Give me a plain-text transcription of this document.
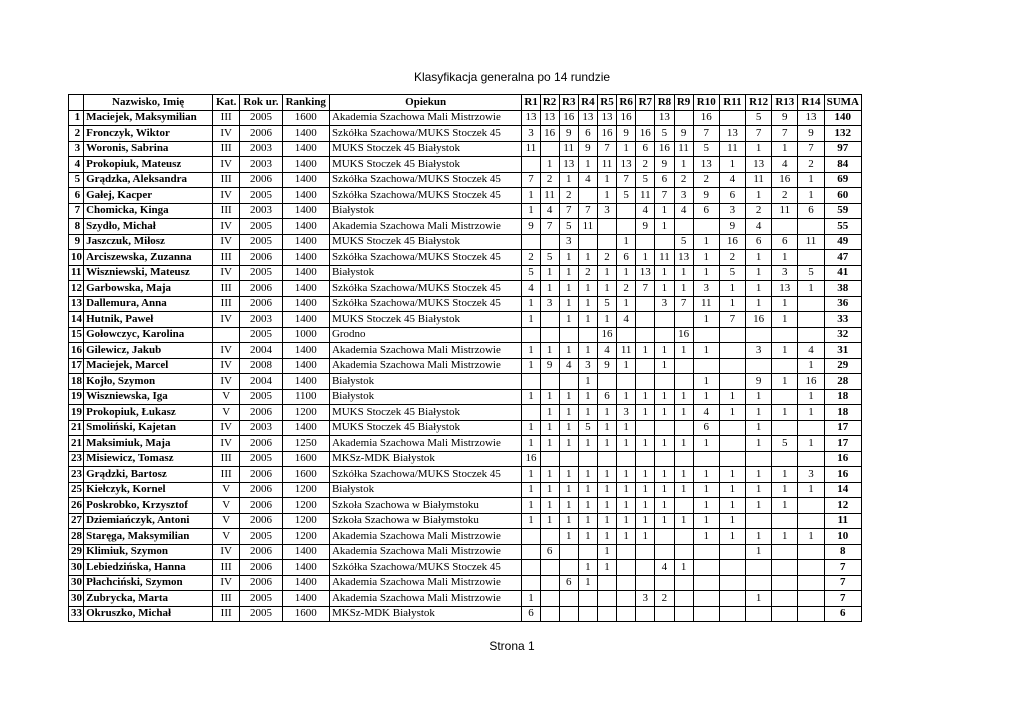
Klasyfikacja generalna po 14 rundzie
	Nazwisko, Imię	Kat.	Rok ur.	Ranking	Opiekun	R1	R2	R3	R4	R5	R6	R7	R8	R9	R10	R11	R12	R13	R14	SUMA
1	Maciejek, Maksymilian	III	2005	1600	Akademia Szachowa Mali Mistrzowie	13	13	16	13	13	16		13		16		5	9	13	140
2	Fronczyk, Wiktor	IV	2006	1400	Szkółka Szachowa/MUKS Stoczek 45	3	16	9	6	16	9	16	5	9	7	13	7	7	9	132
3	Woronis, Sabrina	III	2003	1400	MUKS Stoczek 45 Białystok	11		11	9	7	1	6	16	11	5	11	1	1	7	97
4	Prokopiuk, Mateusz	IV	2003	1400	MUKS Stoczek 45 Białystok		1	13	1	11	13	2	9	1	13	1	13	4	2	84
5	Grądzka, Aleksandra	III	2006	1400	Szkółka Szachowa/MUKS Stoczek 45	7	2	1	4	1	7	5	6	2	2	4	11	16	1	69
6	Gałej, Kacper	IV	2005	1400	Szkółka Szachowa/MUKS Stoczek 45	1	11	2		1	5	11	7	3	9	6	1	2	1	60
7	Chomicka, Kinga	III	2003	1400	Białystok	1	4	7	7	3		4	1	4	6	3	2	11	6	59
8	Szydło, Michał	IV	2005	1400	Akademia Szachowa Mali Mistrzowie	9	7	5	11			9	1			9	4			55
9	Jaszczuk, Miłosz	IV	2005	1400	MUKS Stoczek 45 Białystok			3			1			5	1	16	6	6	11	49
10	Arciszewska, Zuzanna	III	2006	1400	Szkółka Szachowa/MUKS Stoczek 45	2	5	1	1	2	6	1	11	13	1	2	1	1		47
11	Wiszniewski, Mateusz	IV	2005	1400	Białystok	5	1	1	2	1	1	13	1	1	1	5	1	3	5	41
12	Garbowska, Maja	III	2006	1400	Szkółka Szachowa/MUKS Stoczek 45	4	1	1	1	1	2	7	1	1	3	1	1	13	1	38
13	Dallemura, Anna	III	2006	1400	Szkółka Szachowa/MUKS Stoczek 45	1	3	1	1	5	1		3	7	11	1	1	1		36
14	Hutnik, Paweł	IV	2003	1400	MUKS Stoczek 45 Białystok	1		1	1	1	4				1	7	16	1		33
15	Gołowczyc, Karolina		2005	1000	Grodno					16				16						32
16	Gilewicz, Jakub	IV	2004	1400	Akademia Szachowa Mali Mistrzowie	1	1	1	1	4	11	1	1	1	1		3	1	4	31
17	Maciejek, Marcel	IV	2008	1400	Akademia Szachowa Mali Mistrzowie	1	9	4	3	9	1		1						1	29
18	Kojło, Szymon	IV	2004	1400	Białystok				1						1		9	1	16	28
19	Wiszniewska, Iga	V	2005	1100	Białystok	1	1	1	1	6	1	1	1	1	1	1	1		1	18
19	Prokopiuk, Łukasz	V	2006	1200	MUKS Stoczek 45 Białystok		1	1	1	1	3	1	1	1	4	1	1	1	1	18
21	Smoliński, Kajetan	IV	2003	1400	MUKS Stoczek 45 Białystok	1	1	1	5	1	1				6		1			17
21	Maksimiuk, Maja	IV	2006	1250	Akademia Szachowa Mali Mistrzowie	1	1	1	1	1	1	1	1	1	1		1	5	1	17
23	Misiewicz, Tomasz	III	2005	1600	MKSz-MDK Białystok	16														16
23	Grądzki, Bartosz	III	2006	1600	Szkółka Szachowa/MUKS Stoczek 45	1	1	1	1	1	1	1	1	1	1	1	1	1	3	16
25	Kiełczyk, Kornel	V	2006	1200	Białystok	1	1	1	1	1	1	1	1	1	1	1	1	1	1	14
26	Poskrobko, Krzysztof	V	2006	1200	Szkoła Szachowa w Białymstoku	1	1	1	1	1	1	1	1		1	1	1	1		12
27	Dziemiańczyk, Antoni	V	2006	1200	Szkoła Szachowa w Białymstoku	1	1	1	1	1	1	1	1	1	1	1				11
28	Staręga, Maksymilian	V	2005	1200	Akademia Szachowa Mali Mistrzowie			1	1	1	1	1			1	1	1	1	1	10
29	Klimiuk, Szymon	IV	2006	1400	Akademia Szachowa Mali Mistrzowie		6			1							1			8
30	Lebiedzińska, Hanna	III	2006	1400	Szkółka Szachowa/MUKS Stoczek 45				1	1			4	1						7
30	Płachciński, Szymon	IV	2006	1400	Akademia Szachowa Mali Mistrzowie			6	1											7
30	Zubrycka, Marta	III	2005	1400	Akademia Szachowa Mali Mistrzowie	1						3	2				1			7
33	Okruszko, Michał	III	2005	1600	MKSz-MDK Białystok	6														6
Strona 1
